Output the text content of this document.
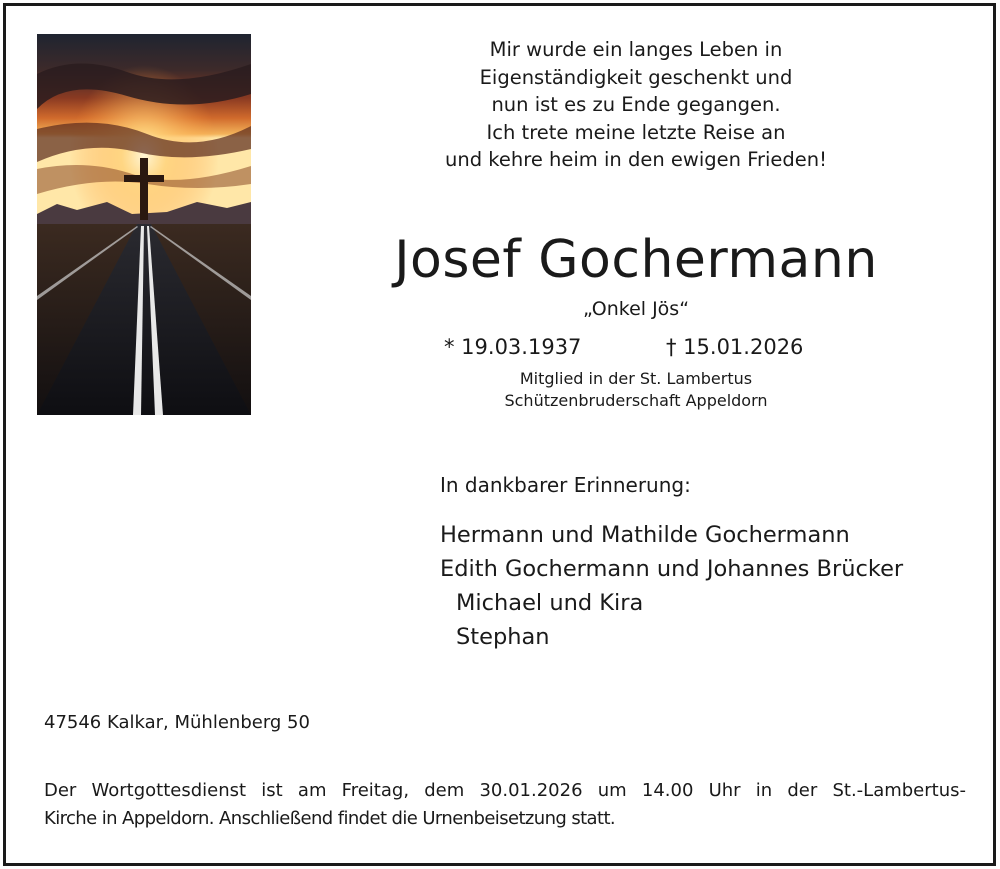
Mir wurde ein langes Leben in
Eigenständigkeit geschenkt und
nun ist es zu Ende gegangen.
Ich trete meine letzte Reise an
und kehre heim in den ewigen Frieden!
Josef Gochermann
„Onkel Jös“
* 19.03.1937	† 15.01.2026
Mitglied in der St. Lambertus
Schützenbruderschaft Appeldorn
In dankbarer Erinnerung:
Hermann und Mathilde Gochermann
Edith Gochermann und Johannes Brücker
Michael und Kira
Stephan
47546 Kalkar, Mühlenberg 50
Der Wortgottesdienst ist am Freitag, dem 30.01.2026 um 14.00 Uhr in der St.-Lambertus-
Kirche in Appeldorn. Anschließend findet die Urnenbeisetzung statt.
